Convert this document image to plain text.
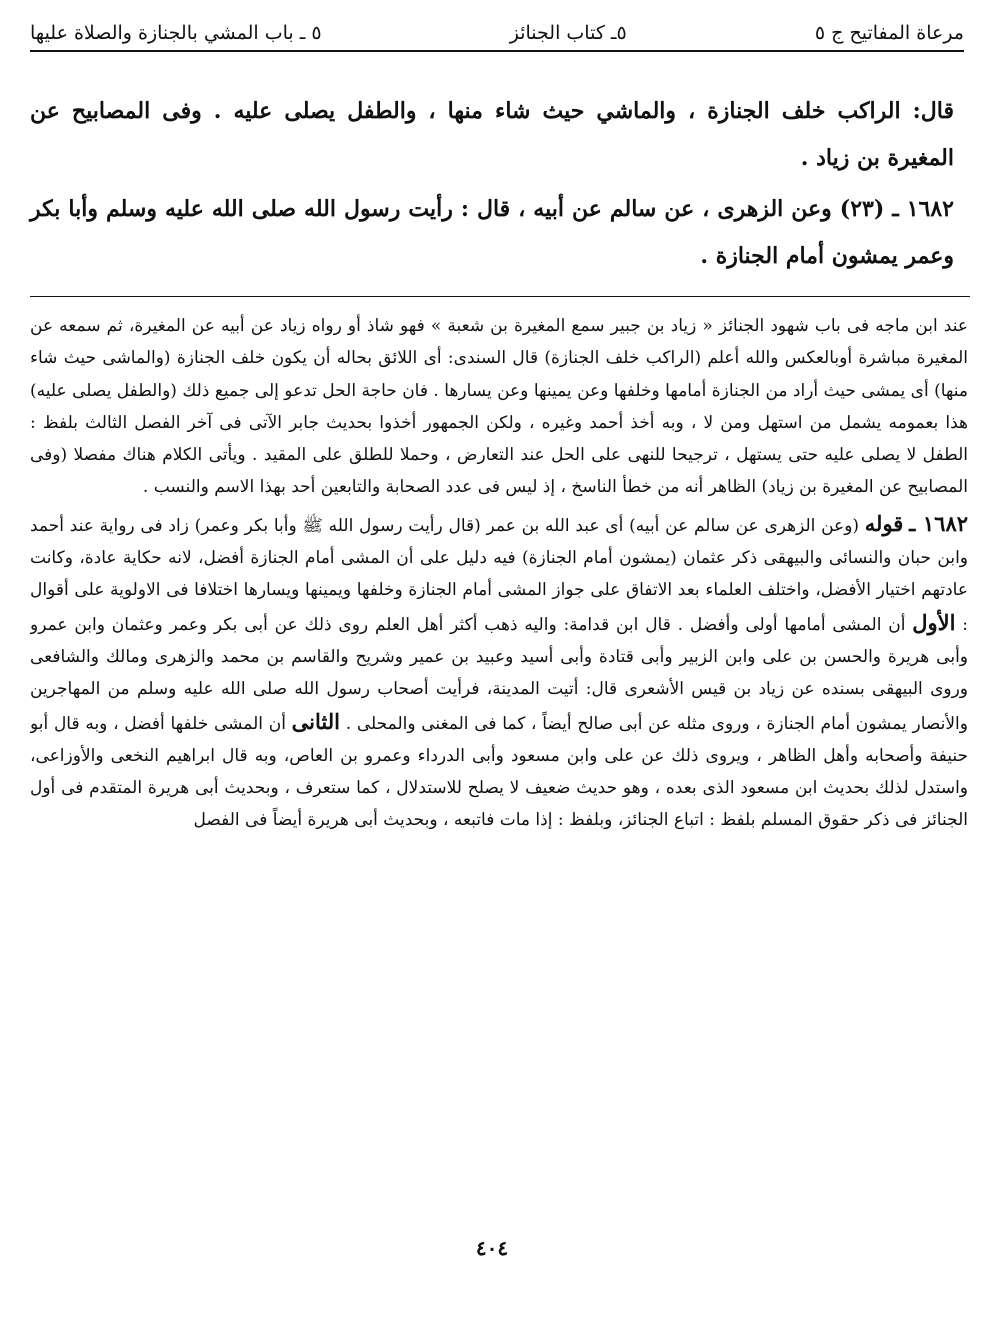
مرعاة المفاتيح ج ٥
٥ـ كتاب الجنائز
٥ ـ باب المشي بالجنازة والصلاة عليها

قال: الراكب خلف الجنازة ، والماشي حيث شاء منها ، والطفل يصلى عليه . وفى المصابيح عن المغيرة بن زياد .

١٦٨٢ ـ (٢٣) وعن الزهرى ، عن سالم عن أبيه ، قال : رأيت رسول الله صلى الله عليه وسلم وأبا بكر وعمر يمشون أمام الجنازة .

عند ابن ماجه فى باب شهود الجنائز « زياد بن جبير سمع المغيرة بن شعبة » فهو شاذ أو رواه زياد عن أبيه عن المغيرة، ثم سمعه عن المغيرة مباشرة أوبالعكس والله أعلم (الراكب خلف الجنازة) قال السندى: أى اللائق بحاله أن يكون خلف الجنازة (والماشى حيث شاء منها) أى يمشى حيث أراد من الجنازة أمامها وخلفها وعن يمينها وعن يسارها . فان حاجة الحل تدعو إلى جميع ذلك (والطفل يصلى عليه) هذا بعمومه يشمل من استهل ومن لا ، وبه أخذ أحمد وغيره ، ولكن الجمهور أخذوا بحديث جابر الآتى فى آخر الفصل الثالث بلفظ : الطفل لا يصلى عليه حتى يستهل ، ترجيحا للنهى على الحل عند التعارض ، وحملا للطلق على المقيد . ويأتى الكلام هناك مفصلا (وفى المصابيح عن المغيرة بن زياد) الظاهر أنه من خطأ الناسخ ، إذ ليس فى عدد الصحابة والتابعين أحد بهذا الاسم والنسب .

١٦٨٢ ـ قوله (وعن الزهرى عن سالم عن أبيه) أى عبد الله بن عمر (قال رأيت رسول الله ﷺ وأبا بكر وعمر) زاد فى رواية عند أحمد وابن حبان والنسائى والبيهقى ذكر عثمان (يمشون أمام الجنازة) فيه دليل على أن المشى أمام الجنازة أفضل، لانه حكاية عادة، وكانت عادتهم اختيار الأفضل، واختلف العلماء بعد الاتفاق على جواز المشى أمام الجنازة وخلفها ويمينها ويسارها اختلافا فى الاولوية على أقوال : الأول أن المشى أمامها أولى وأفضل . قال ابن قدامة: واليه ذهب أكثر أهل العلم روى ذلك عن أبى بكر وعمر وعثمان وابن عمرو وأبى هريرة والحسن بن على وابن الزبير وأبى قتادة وأبى أسيد وعبيد بن عمير وشريح والقاسم بن محمد والزهرى ومالك والشافعى وروى البيهقى بسنده عن زياد بن قيس الأشعرى قال: أتيت المدينة، فرأيت أصحاب رسول الله صلى الله عليه وسلم من المهاجرين والأنصار يمشون أمام الجنازة ، وروى مثله عن أبى صالح أيضاً ، كما فى المغنى والمحلى . الثانى أن المشى خلفها أفضل ، وبه قال أبو حنيفة وأصحابه وأهل الظاهر ، ويروى ذلك عن على وابن مسعود وأبى الدرداء وعمرو بن العاص، وبه قال ابراهيم النخعى والأوزاعى، واستدل لذلك بحديث ابن مسعود الذى بعده ، وهو حديث ضعيف لا يصلح للاستدلال ، كما ستعرف ، وبحديث أبى هريرة المتقدم فى أول الجنائز فى ذكر حقوق المسلم بلفظ : اتباع الجنائز، وبلفظ : إذا مات فاتبعه ، وبحديث أبى هريرة أيضاً فى الفصل

٤٠٤
